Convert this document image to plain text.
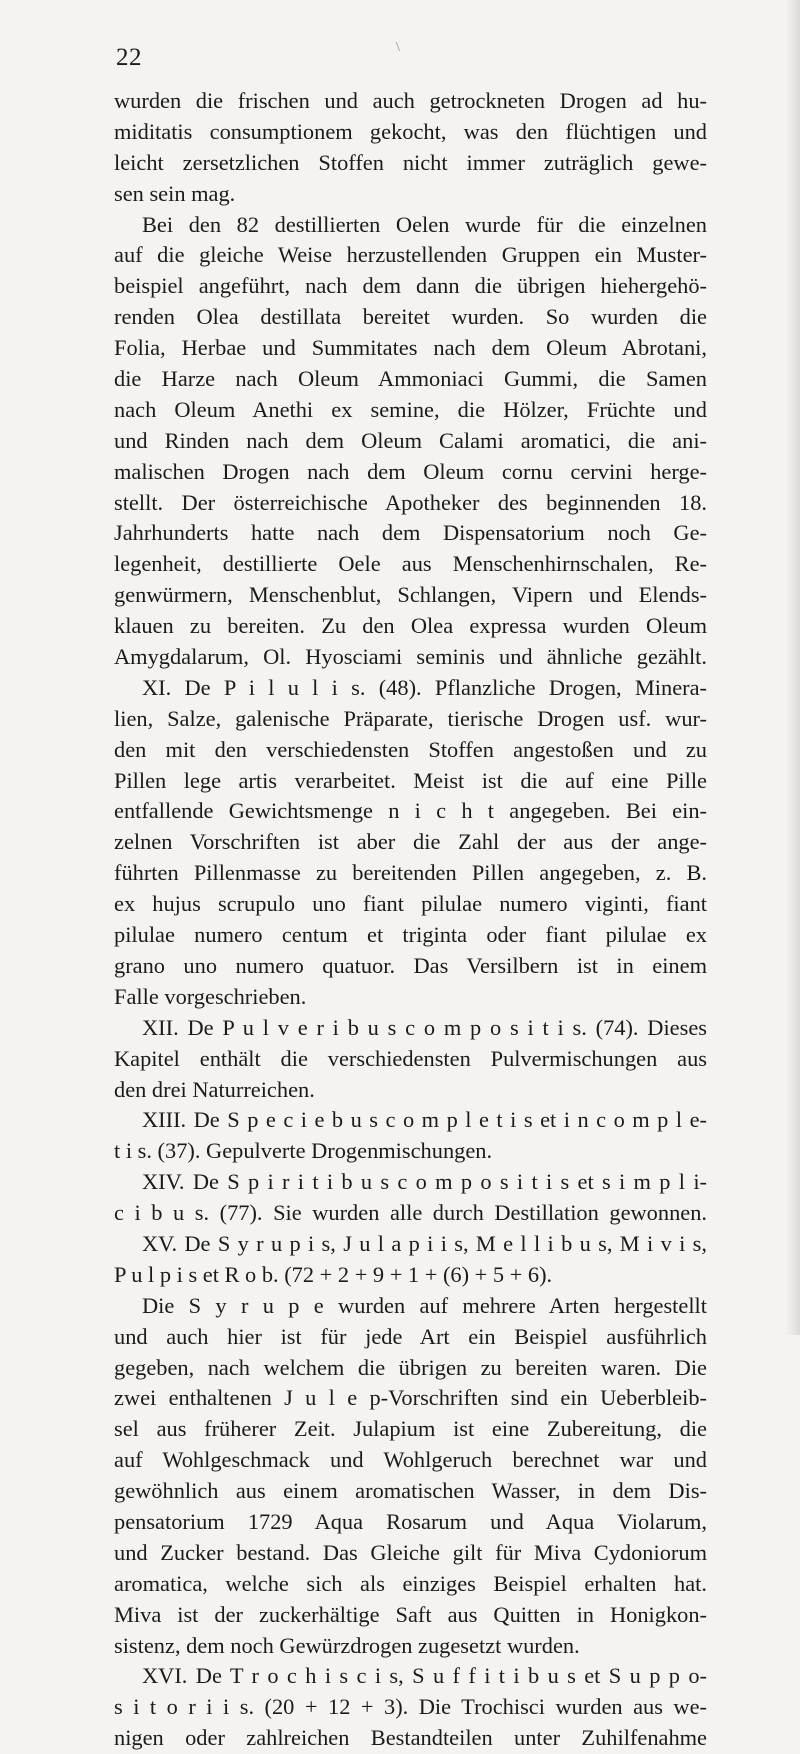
22	\
wurden die frischen und auch getrockneten Drogen ad hu-
miditatis consumptionem gekocht, was den flüchtigen und
leicht zersetzlichen Stoffen nicht immer zuträglich gewe-
sen sein mag.
Bei den 82 destillierten Oelen wurde für die einzelnen
auf die gleiche Weise herzustellenden Gruppen ein Muster-
beispiel angeführt, nach dem dann die übrigen hiehergehö-
renden Olea destillata bereitet wurden. So wurden die
Folia, Herbae und Summitates nach dem Oleum Abrotani,
die Harze nach Oleum Ammoniaci Gummi, die Samen
nach Oleum Anethi ex semine, die Hölzer, Früchte und
und Rinden nach dem Oleum Calami aromatici, die ani-
malischen Drogen nach dem Oleum cornu cervini herge-
stellt. Der österreichische Apotheker des beginnenden 18.
Jahrhunderts hatte nach dem Dispensatorium noch Ge-
legenheit, destillierte Oele aus Menschenhirnschalen, Re-
genwürmern, Menschenblut, Schlangen, Vipern und Elends-
klauen zu bereiten. Zu den Olea expressa wurden Oleum
Amygdalarum, Ol. Hyosciami seminis und ähnliche gezählt.
XI. De P i l u l i s. (48). Pflanzliche Drogen, Minera-
lien, Salze, galenische Präparate, tierische Drogen usf. wur-
den mit den verschiedensten Stoffen angestoßen und zu
Pillen lege artis verarbeitet. Meist ist die auf eine Pille
entfallende Gewichtsmenge n i c h t angegeben. Bei ein-
zelnen Vorschriften ist aber die Zahl der aus der ange-
führten Pillenmasse zu bereitenden Pillen angegeben, z. B.
ex hujus scrupulo uno fiant pilulae numero viginti, fiant
pilulae numero centum et triginta oder fiant pilulae ex
grano uno numero quatuor. Das Versilbern ist in einem
Falle vorgeschrieben.
XII. De P u l v e r i b u s c o m p o s i t i s. (74). Dieses
Kapitel enthält die verschiedensten Pulvermischungen aus
den drei Naturreichen.
XIII. De S p e c i e b u s c o m p l e t i s et i n c o m p l e-
t i s. (37). Gepulverte Drogenmischungen.
XIV. De S p i r i t i b u s c o m p o s i t i s et s i m p l i-
c i b u s. (77). Sie wurden alle durch Destillation gewonnen.
XV. De S y r u p i s, J u l a p i i s, M e l l i b u s, M i v i s,
P u l p i s et R o b. (72 + 2 + 9 + 1 + (6) + 5 + 6).
Die S y r u p e wurden auf mehrere Arten hergestellt
und auch hier ist für jede Art ein Beispiel ausführlich
gegeben, nach welchem die übrigen zu bereiten waren. Die
zwei enthaltenen J u l e p-Vorschriften sind ein Ueberbleib-
sel aus früherer Zeit. Julapium ist eine Zubereitung, die
auf Wohlgeschmack und Wohlgeruch berechnet war und
gewöhnlich aus einem aromatischen Wasser, in dem Dis-
pensatorium 1729 Aqua Rosarum und Aqua Violarum,
und Zucker bestand. Das Gleiche gilt für Miva Cydoniorum
aromatica, welche sich als einziges Beispiel erhalten hat.
Miva ist der zuckerhältige Saft aus Quitten in Honigkon-
sistenz, dem noch Gewürzdrogen zugesetzt wurden.
XVI. De T r o c h i s c i s, S u f f i t i b u s et S u p p o-
s i t o r i i s. (20 + 12 + 3). Die Trochisci wurden aus we-
nigen oder zahlreichen Bestandteilen unter Zuhilfenahme
